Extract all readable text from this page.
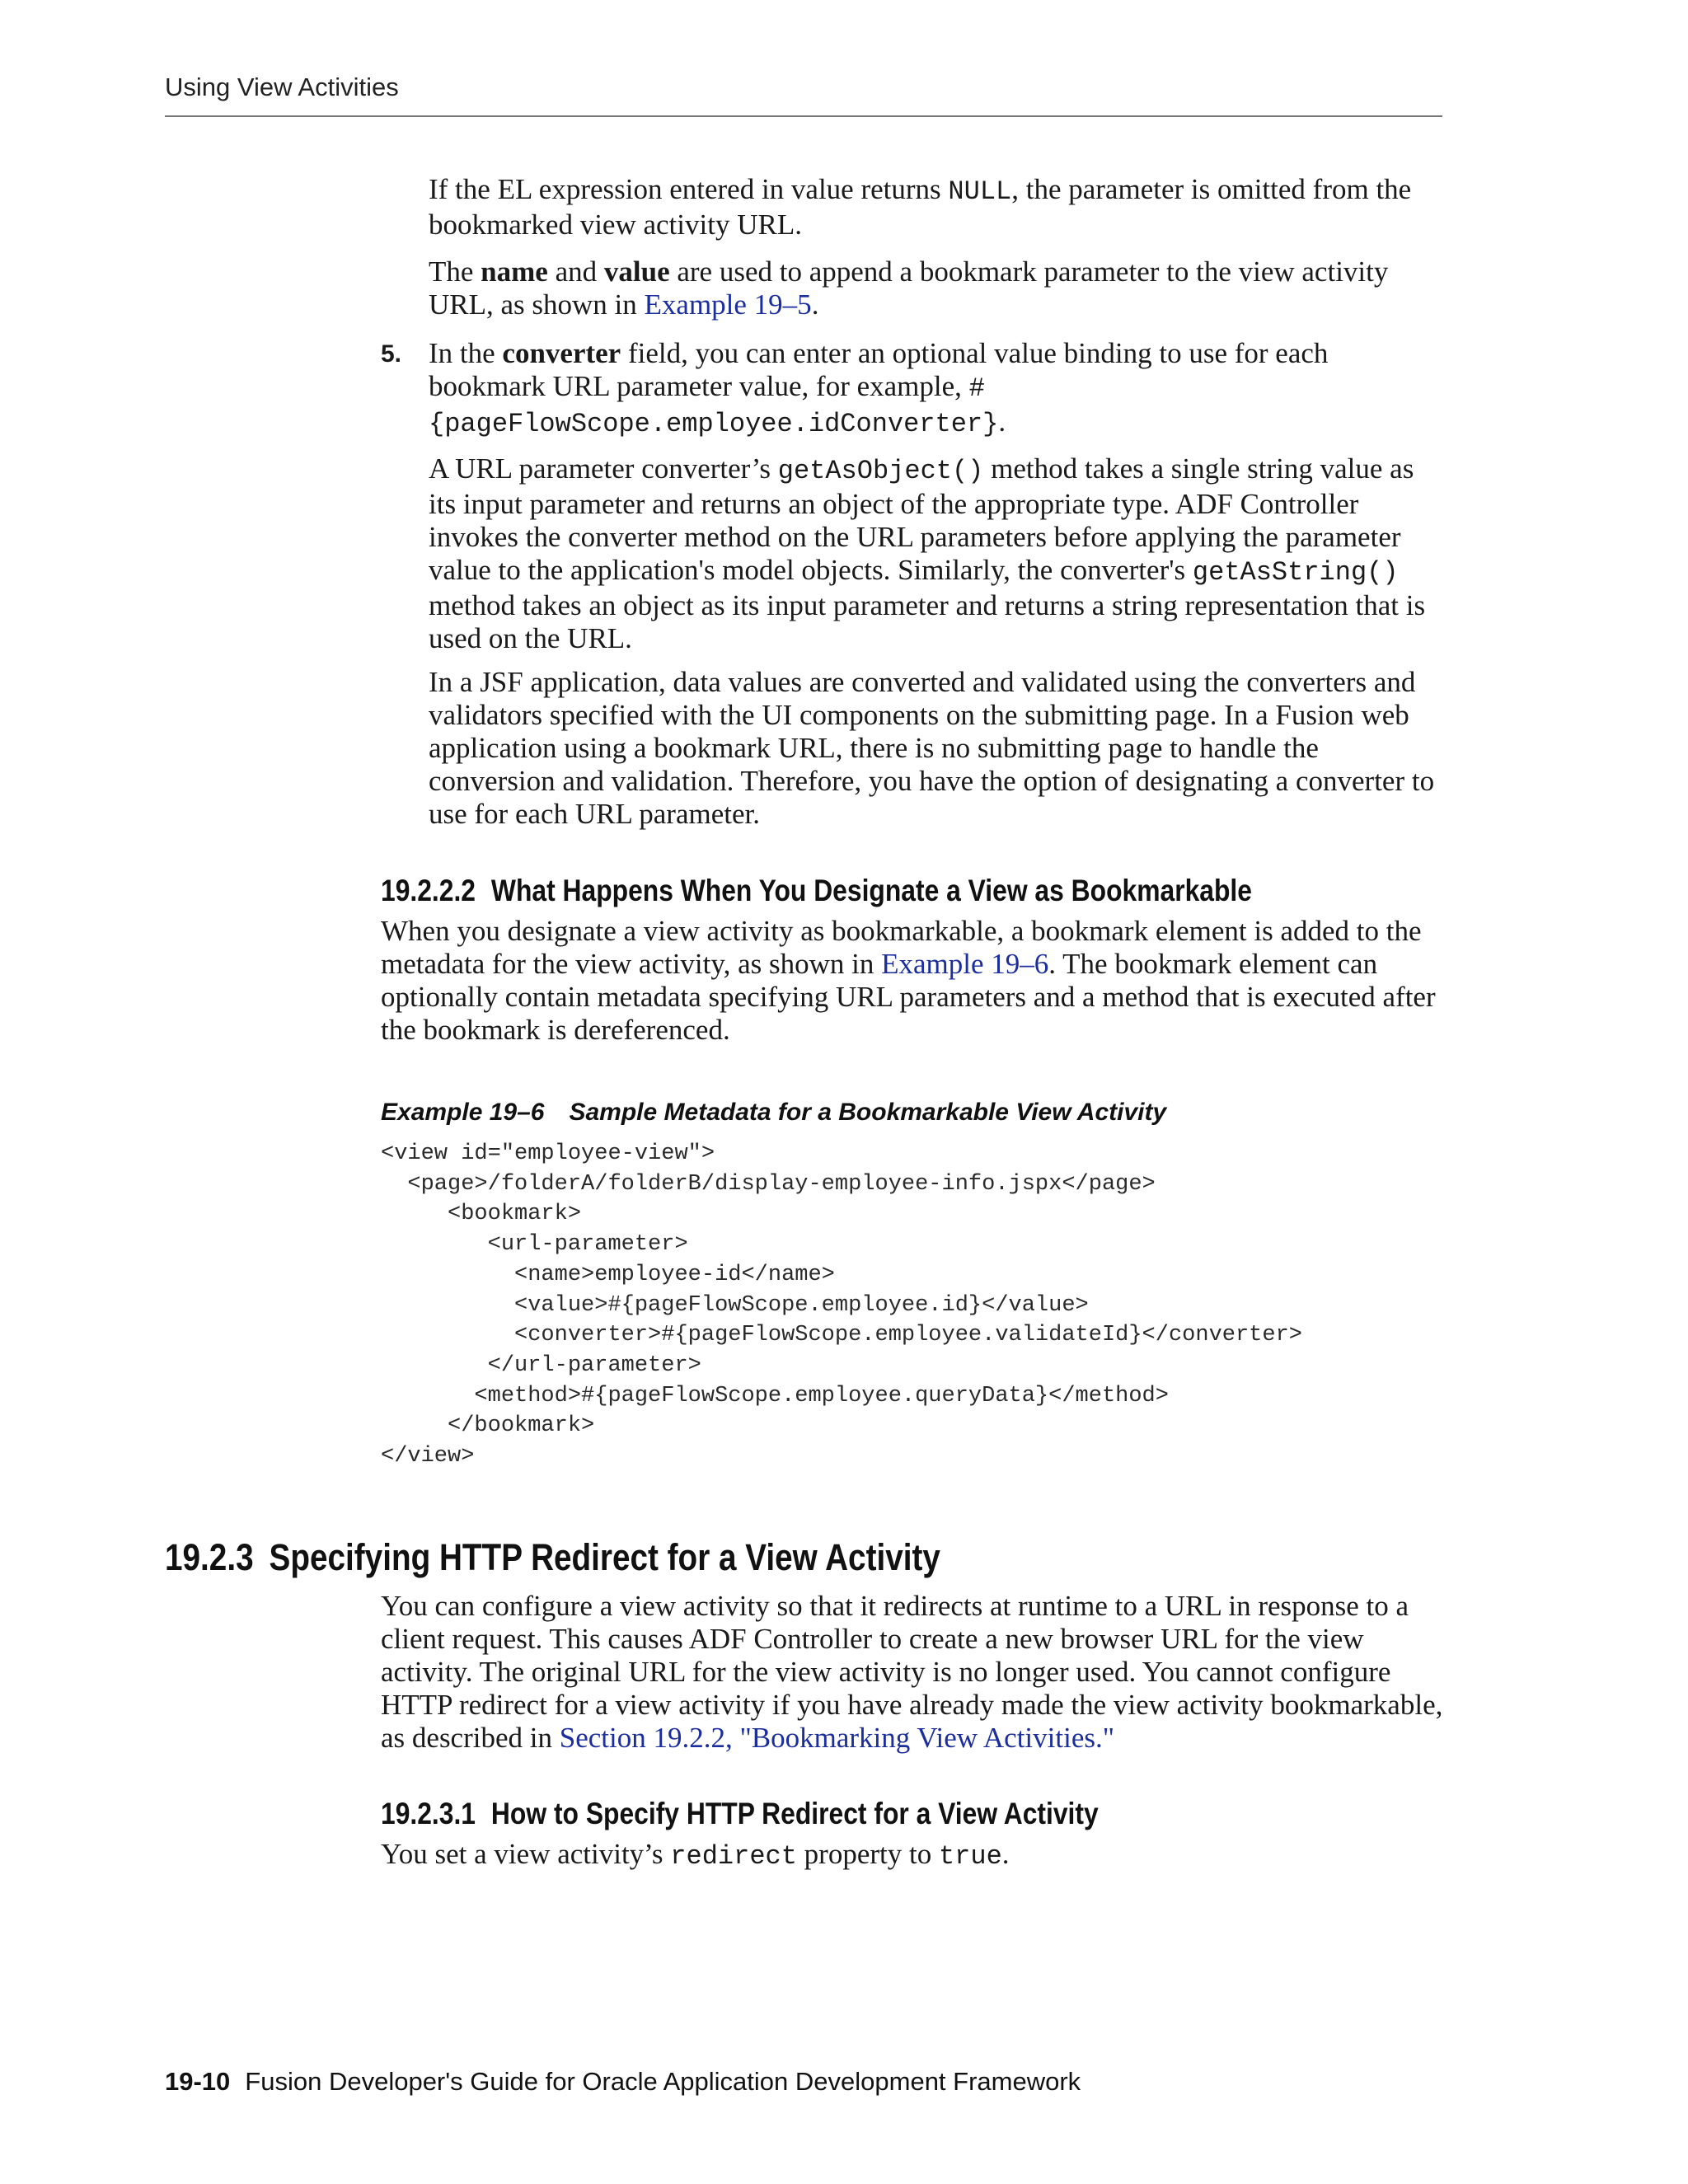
Using View Activities
If the EL expression entered in value returns NULL, the parameter is omitted from the bookmarked view activity URL.
The name and value are used to append a bookmark parameter to the view activity URL, as shown in Example 19–5.
5. In the converter field, you can enter an optional value binding to use for each bookmark URL parameter value, for example, #{pageFlowScope.employee.idConverter}.
A URL parameter converter’s getAsObject() method takes a single string value as its input parameter and returns an object of the appropriate type. ADF Controller invokes the converter method on the URL parameters before applying the parameter value to the application's model objects. Similarly, the converter's getAsString() method takes an object as its input parameter and returns a string representation that is used on the URL.
In a JSF application, data values are converted and validated using the converters and validators specified with the UI components on the submitting page. In a Fusion web application using a bookmark URL, there is no submitting page to handle the conversion and validation. Therefore, you have the option of designating a converter to use for each URL parameter.
19.2.2.2 What Happens When You Designate a View as Bookmarkable
When you designate a view activity as bookmarkable, a bookmark element is added to the metadata for the view activity, as shown in Example 19–6. The bookmark element can optionally contain metadata specifying URL parameters and a method that is executed after the bookmark is dereferenced.
Example 19–6 Sample Metadata for a Bookmarkable View Activity
<view id="employee-view">
<page>/folderA/folderB/display-employee-info.jspx</page>
<bookmark>
<url-parameter>
<name>employee-id</name>
<value>#{pageFlowScope.employee.id}</value>
<converter>#{pageFlowScope.employee.validateId}</converter>
</url-parameter>
<method>#{pageFlowScope.employee.queryData}</method>
</bookmark>
</view>

19.2.3 Specifying HTTP Redirect for a View Activity
You can configure a view activity so that it redirects at runtime to a URL in response to a client request. This causes ADF Controller to create a new browser URL for the view activity. The original URL for the view activity is no longer used. You cannot configure HTTP redirect for a view activity if you have already made the view activity bookmarkable, as described in Section 19.2.2, "Bookmarking View Activities."
19.2.3.1 How to Specify HTTP Redirect for a View Activity
You set a view activity’s redirect property to true.
19-10 Fusion Developer's Guide for Oracle Application Development Framework
